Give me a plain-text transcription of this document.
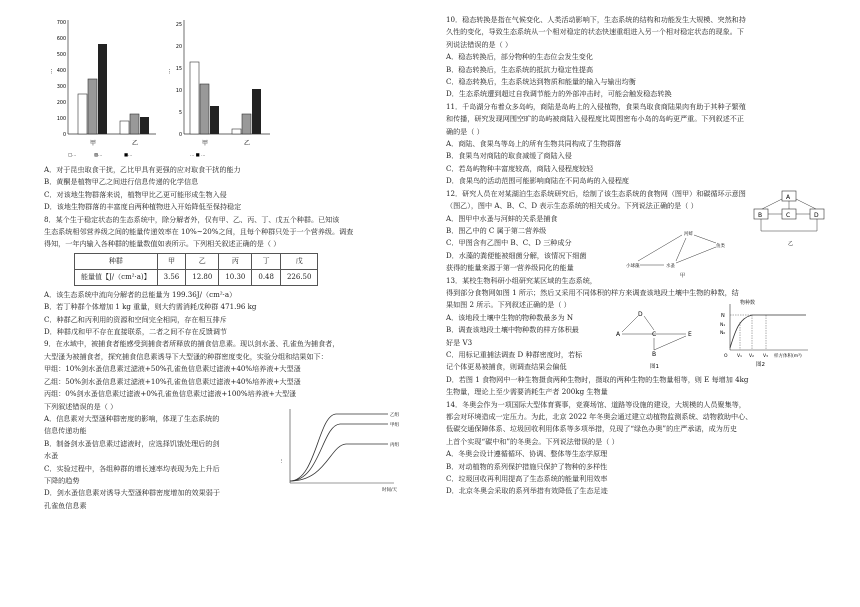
…
0
100
200
300
400
500
600
700
甲	乙
□…	▨…	■…
…
0
5
10
15
20
25
甲	乙
… ■ …

A．对于昆虫取食干扰，乙比甲具有更强的应对取食干扰的能力

B．黄酮是植物甲乙之间进行信息传递的化学信息

C．对该地生物群落来说，植物甲比乙更可能形成生物入侵

D．该地生物群落的丰富度自两种植物进入开始降低至保持稳定

8．某个生于稳定状态的生态系统中，除分解者外，仅有甲、乙、丙、丁、戊五个种群。已知该

生态系统相邻营养级之间的能量传递效率在 10%~20%之间，且每个种群只处于一个营养级。调查

得知，一年内输入各种群的能量数值如表所示。下列相关叙述正确的是（ ）

种群	甲	乙	丙	丁	戊
能量值【J/（cm²·a)】	3.56	12.80	10.30	0.48	226.50

A．该生态系统中流向分解者的总能量为 199.36J/（cm²·a）

B．若丁种群个体增加 1 kg 重量，则大约需消耗戊种群 471.96 kg

C．种群乙和丙利用的资源和空间完全相同，存在相互排斥

D．种群戊和甲不存在直接联系，二者之间不存在反馈调节

9．在水域中，被捕食者能感受到捕食者所释放的捕食信息素。现以剑水蚤、孔雀鱼为捕食者，

大型溞为被捕食者，探究捕食信息素诱导下大型溞的种群密度变化，实验分组和结果如下：

甲组：10%剑水蚤信息素过滤液+50%孔雀鱼信息素过滤液+40%培养液+大型溞

乙组：50%剑水蚤信息素过滤液+10%孔雀鱼信息素过滤液+40%培养液+大型溞

丙组：0%剑水蚤信息素过滤液+0%孔雀鱼信息素过滤液+100%培养液+大型溞

下列叙述错误的是（ ）

A．信息素对大型溞种群密度的影响，体现了生态系统的

信息传递功能

B．制备剑水蚤信息素过滤液时，应选择饥饿处理后的剑

水蚤

C．实验过程中，各组种群的增长速率均表现为先上升后

下降的趋势

D．剑水蚤信息素对诱导大型溞种群密度增加的效果弱于

孔雀鱼信息素

…
乙组
甲组
丙组
时间/天

10．稳态转换是指在气候变化、人类活动影响下，生态系统的结构和功能发生大规模、突然和持

久性的变化，导致生态系统从一个相对稳定的状态快速重组进入另一个相对稳定状态的现象。下

列说法错误的是（ ）

A．稳态转换后，部分物种的生态位会发生变化

B．稳态转换后，生态系统的抵抗力稳定性提高

C．稳态转换后，生态系统达到物质和能量的输入与输出均衡

D．生态系统遭到超过自我调节能力的外部冲击时，可能会触发稳态转换

11．千岛湖分布着众多岛屿，商陆是岛屿上的入侵植物，食果鸟取食商陆果肉有助于其种子繁殖

和传播，研究发现网围空旷的岛屿被商陆入侵程度比周围密布小岛的岛屿更严重。下列叙述不正

确的是（ ）

A．商陆、食果鸟等岛上的所有生物共同构成了生物群落

B．食果鸟对商陆的取食减缓了商陆入侵

C．若岛屿物种丰富度较高，商陆入侵程度较轻

D．食果鸟的活动范围可能影响商陆在不同岛屿的入侵程度

12．研究人员在对某湖泊生态系统研究后，绘制了该生态系统的食物网（图甲）和碳循环示意图

（图乙），图中 A、B、C、D 表示生态系统的相关成分。下列说法正确的是（ ）

A．图甲中水蚤与河蚌的关系是捕食

B．图乙中的 C 属于第二营养级

C．甲图含有乙图中 B、C、D 三种成分

D．水藻的粪便能被细菌分解，该情况下细菌

获得的能量来源于第一营养级同化的能量	小球藻	水蚤
河蚌
鱼类
甲
A
B	C	D
乙

13．某校生物科研小组研究某区域的生态系统，

得到部分食物网如图 1 所示；然后又采用不同体积的样方来调查该地段土壤中生物的种数，结

果如图 2 所示。下列叙述正确的是（ ）

A．该地段土壤中生物的物种数最多为 N

B．调查该地段土壤中物种数的样方体积最

好是 V3

C．用标记重捕法调查 D 种群密度时，若标

记个体更易被捕食，则调查结果会偏低

D
A	C	E
B
图1
物种数
N
N₁
N₀
O V₁ V₂ V₃ 样方体积(m³)
图2

D．若图 1 食物网中一种生物摄食两种生物时，摄取的两种生物的生物量相等，则 E 每增加 4kg

生物量，理论上至少需要消耗生产者 200kg 生物量

14．冬奥会作为一项国际大型体育赛事，竞赛场馆、道路等设施的建设，大规模的人员聚集等，

都会对环境造成一定压力。为此，北京 2022 年冬奥会通过建立动植物监测系统、动物救助中心、

低碳交通保障体系、垃圾回收利用体系等多项举措，兑现了“绿色办奥”的庄严承诺，成为历史

上首个实现“碳中和”的冬奥会。下列说法错误的是（ ）

A．冬奥会设计遵循循环、协调、整体等生态学原理

B．对动植物的系列保护措施只保护了物种的多样性

C．垃圾回收再利用提高了生态系统的能量利用效率

D．北京冬奥会采取的系列举措有效降低了生态足迹
